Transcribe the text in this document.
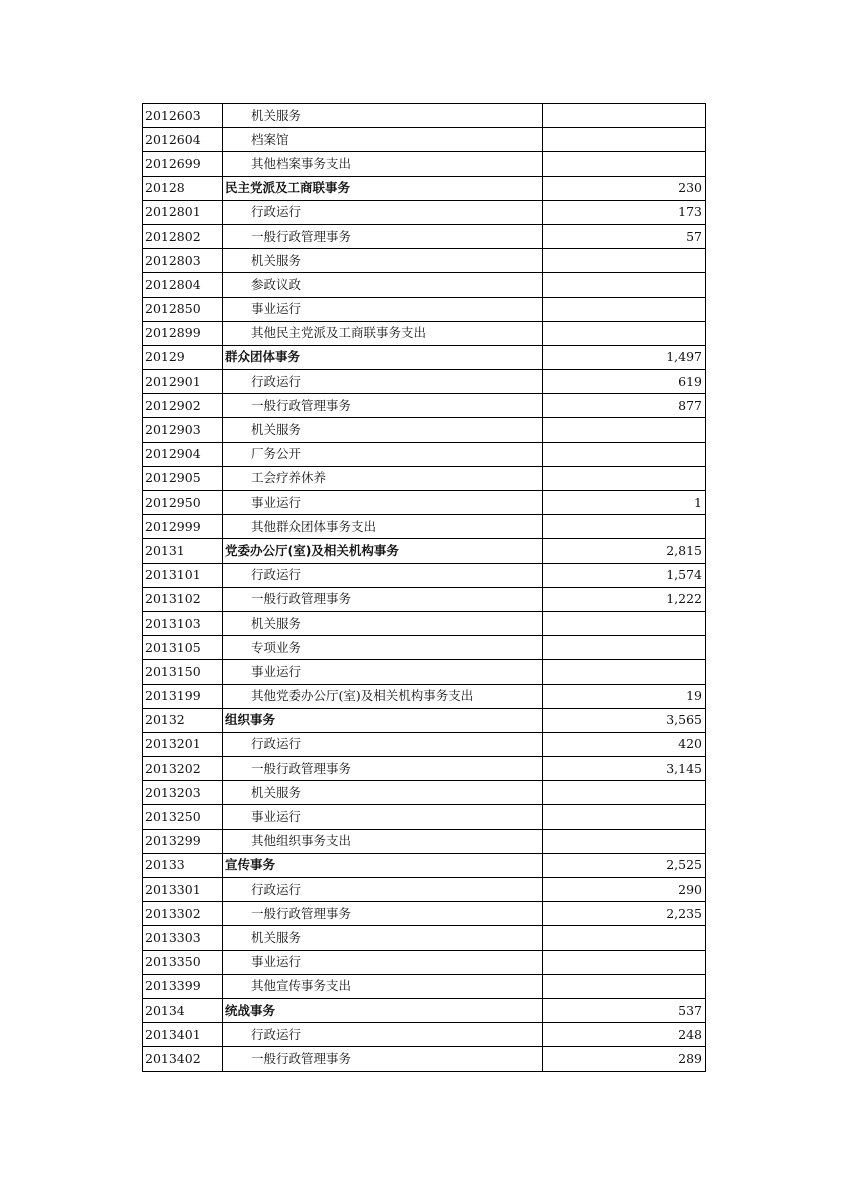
2012603	机关服务	
2012604	档案馆	
2012699	其他档案事务支出	
20128	民主党派及工商联事务	230
2012801	行政运行	173
2012802	一般行政管理事务	57
2012803	机关服务	
2012804	参政议政	
2012850	事业运行	
2012899	其他民主党派及工商联事务支出	
20129	群众团体事务	1,497
2012901	行政运行	619
2012902	一般行政管理事务	877
2012903	机关服务	
2012904	厂务公开	
2012905	工会疗养休养	
2012950	事业运行	1
2012999	其他群众团体事务支出	
20131	党委办公厅(室)及相关机构事务	2,815
2013101	行政运行	1,574
2013102	一般行政管理事务	1,222
2013103	机关服务	
2013105	专项业务	
2013150	事业运行	
2013199	其他党委办公厅(室)及相关机构事务支出	19
20132	组织事务	3,565
2013201	行政运行	420
2013202	一般行政管理事务	3,145
2013203	机关服务	
2013250	事业运行	
2013299	其他组织事务支出	
20133	宣传事务	2,525
2013301	行政运行	290
2013302	一般行政管理事务	2,235
2013303	机关服务	
2013350	事业运行	
2013399	其他宣传事务支出	
20134	统战事务	537
2013401	行政运行	248
2013402	一般行政管理事务	289
